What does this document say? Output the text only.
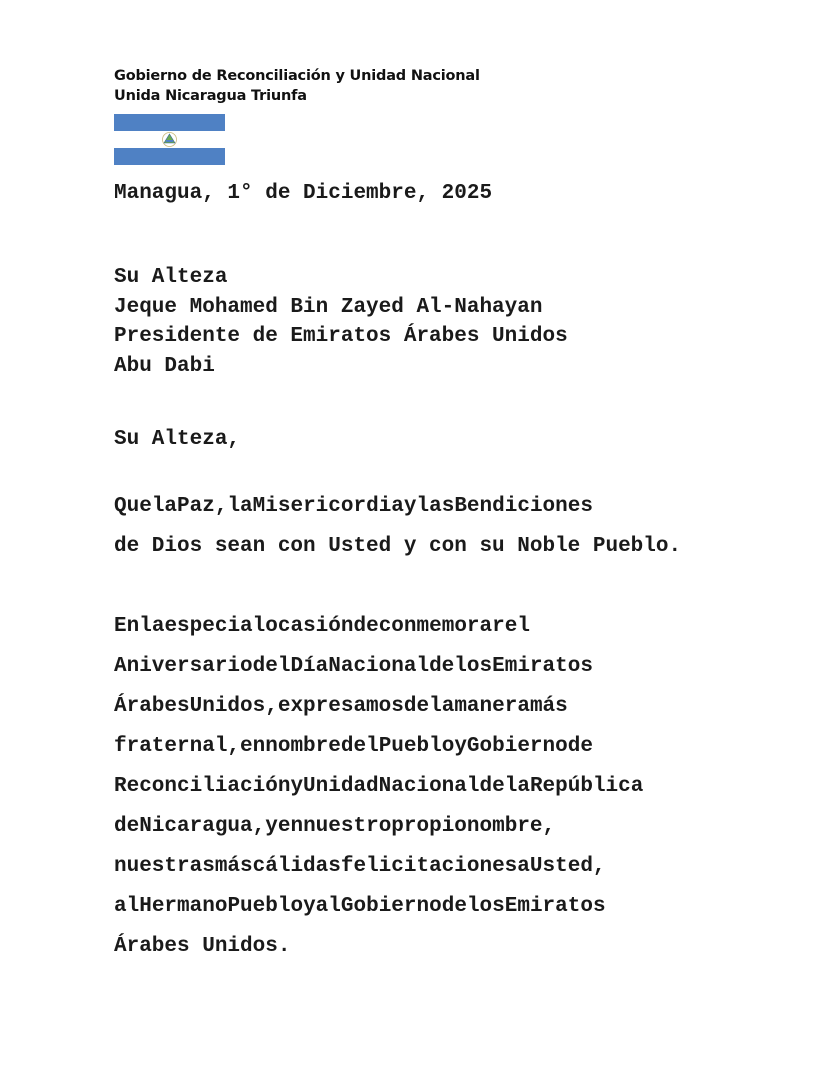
Gobierno de Reconciliación y Unidad Nacional
Unida Nicaragua Triunfa
Managua, 1° de Diciembre, 2025
Su Alteza
Jeque Mohamed Bin Zayed Al-Nahayan
Presidente de Emiratos Árabes Unidos
Abu Dabi
Su Alteza,
QuelaPaz,laMisericordiaylasBendiciones
de Dios sean con Usted y con su Noble Pueblo.
Enlaespecialocasióndeconmemorarel
AniversariodelDíaNacionaldelosEmiratos
ÁrabesUnidos,expresamosdelamaneramás
fraternal,ennombredelPuebloyGobiernode
ReconciliaciónyUnidadNacionaldelaRepública
deNicaragua,yennuestropropionombre,
nuestrasmáscálidasfelicitacionesaUsted,
alHermanoPuebloyalGobiernodelosEmiratos
Árabes Unidos.
